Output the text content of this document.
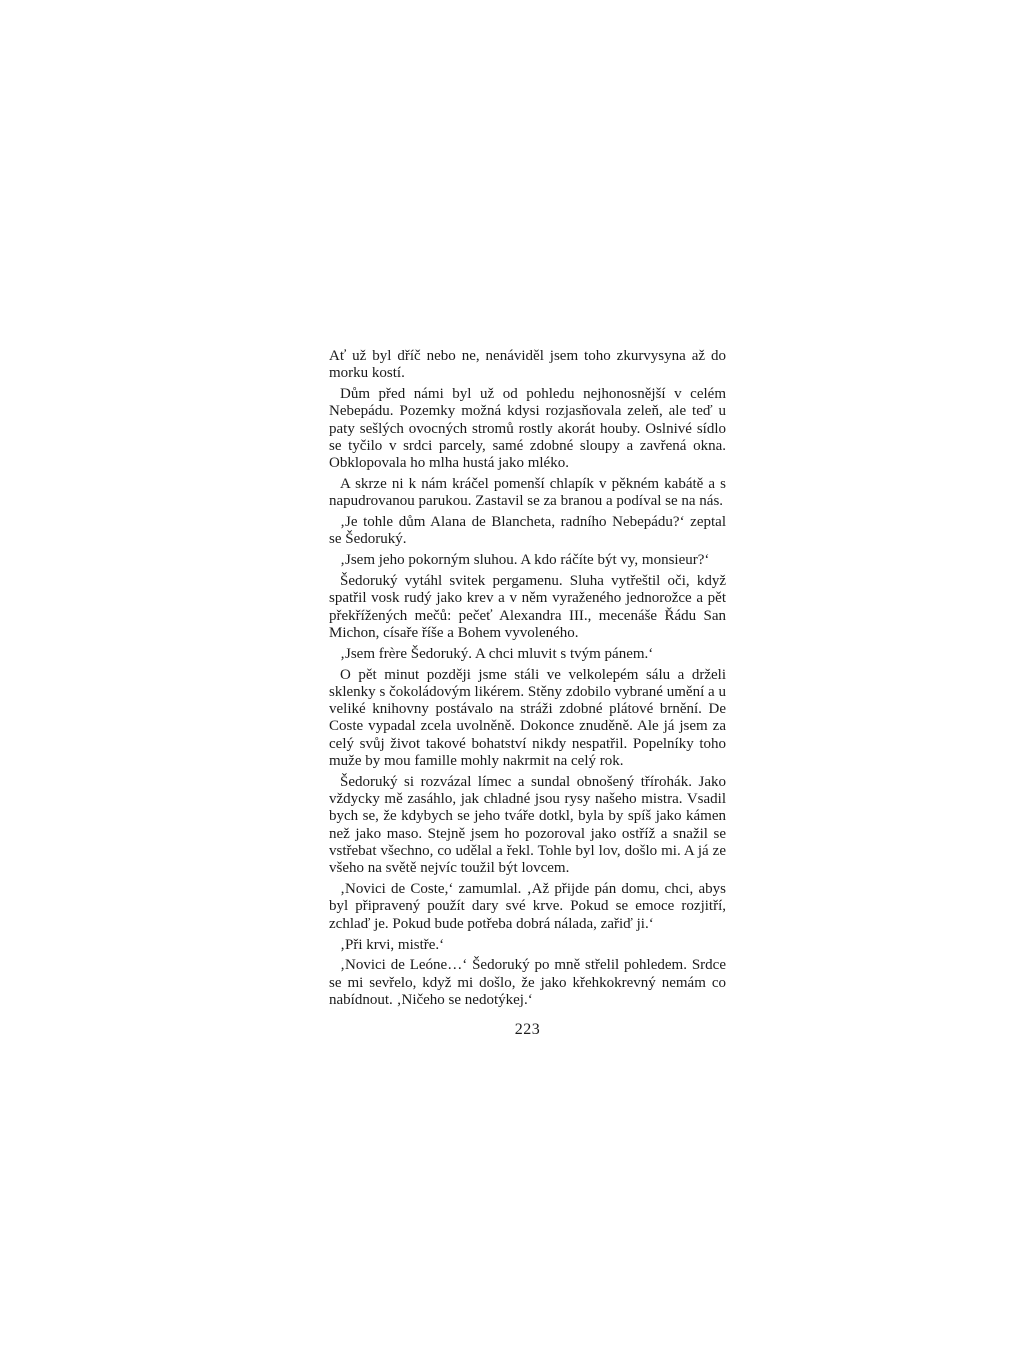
Ať už byl dříč nebo ne, nenáviděl jsem toho zkurvysyna až do morku kostí.

Dům před námi byl už od pohledu nejhonosnější v celém Nebepádu. Pozemky možná kdysi rozjasňovala zeleň, ale teď u paty sešlých ovocných stromů rostly akorát houby. Oslnivé sídlo se tyčilo v srdci parcely, samé zdobné sloupy a zavřená okna. Obklopovala ho mlha hustá jako mléko.

A skrze ni k nám kráčel pomenší chlapík v pěkném kabátě a s napudrovanou parukou. Zastavil se za branou a podíval se na nás.

‚Je tohle dům Alana de Blancheta, radního Nebepádu?‘ zeptal se Šedoruký.

‚Jsem jeho pokorným sluhou. A kdo ráčíte být vy, monsieur?‘

Šedoruký vytáhl svitek pergamenu. Sluha vytřeštil oči, když spatřil vosk rudý jako krev a v něm vyraženého jednorožce a pět překřížených mečů: pečeť Alexandra III., mecenáše Řádu San Michon, císaře říše a Bohem vyvoleného.

‚Jsem frère Šedoruký. A chci mluvit s tvým pánem.‘

O pět minut později jsme stáli ve velkolepém sálu a drželi sklenky s čokoládovým likérem. Stěny zdobilo vybrané umění a u veliké knihovny postávalo na stráži zdobné plátové brnění. De Coste vypadal zcela uvolněně. Dokonce znuděně. Ale já jsem za celý svůj život takové bohatství nikdy nespatřil. Popelníky toho muže by mou famille mohly nakrmit na celý rok.

Šedoruký si rozvázal límec a sundal obnošený třírohák. Jako vždycky mě zasáhlo, jak chladné jsou rysy našeho mistra. Vsadil bych se, že kdybych se jeho tváře dotkl, byla by spíš jako kámen než jako maso. Stejně jsem ho pozoroval jako ostříž a snažil se vstřebat všechno, co udělal a řekl. Tohle byl lov, došlo mi. A já ze všeho na světě nejvíc toužil být lovcem.

‚Novici de Coste,‘ zamumlal. ‚Až přijde pán domu, chci, abys byl připravený použít dary své krve. Pokud se emoce rozjitří, zchlaď je. Pokud bude potřeba dobrá nálada, zařiď ji.‘

‚Při krvi, mistře.‘

‚Novici de Leóne…‘ Šedoruký po mně střelil pohledem. Srdce se mi sevřelo, když mi došlo, že jako křehkokrevný nemám co nabídnout. ‚Ničeho se nedotýkej.‘

223
